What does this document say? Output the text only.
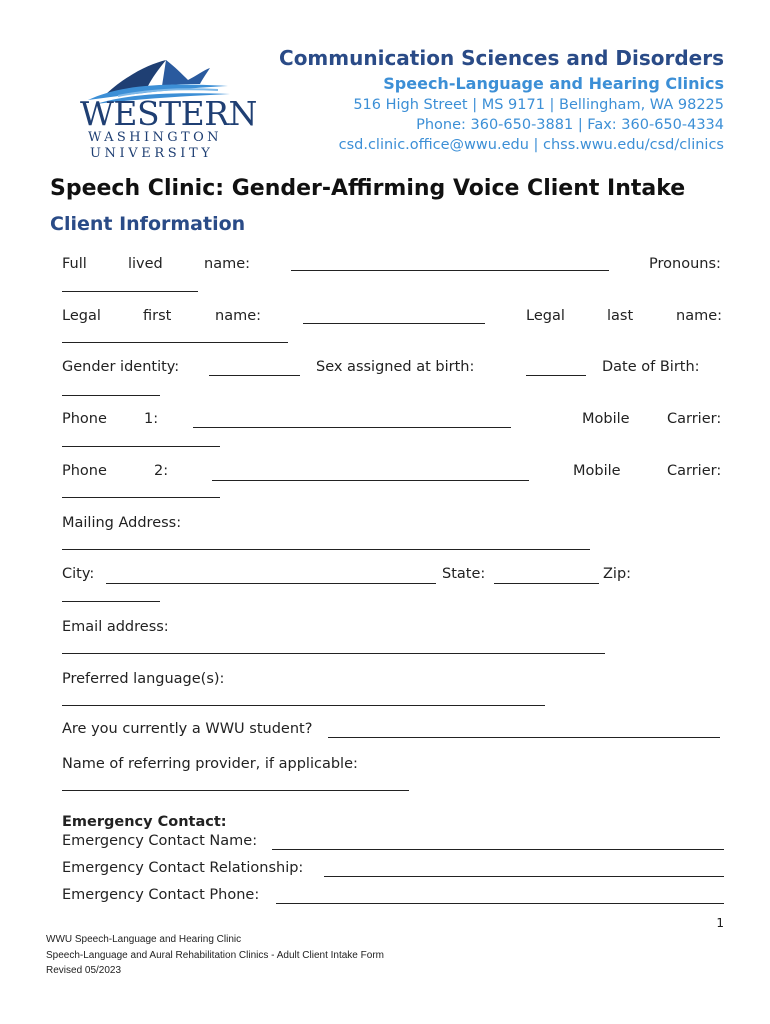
WESTERN
WASHINGTON
UNIVERSITY
Communication Sciences and Disorders
Speech-Language and Hearing Clinics
516 High Street | MS 9171 | Bellingham, WA 98225
Phone: 360-650-3881 | Fax: 360-650-4334
csd.clinic.office@wwu.edu | chss.wwu.edu/csd/clinics
Speech Clinic: Gender-Affirming Voice Client Intake
Client Information
Full	lived	name:	Pronouns:
Legal	first	name:	Legal	last	name:
Gender identity:	Sex assigned at birth:	Date of Birth:
Phone	1:	Mobile	Carrier:
Phone	2:	Mobile	Carrier:
Mailing Address:
City:	State:	Zip:
Email address:
Preferred language(s):
Are you currently a WWU student?
Name of referring provider, if applicable:
Emergency Contact:
Emergency Contact Name:
Emergency Contact Relationship:
Emergency Contact Phone:
1
WWU Speech-Language and Hearing Clinic
Speech-Language and Aural Rehabilitation Clinics - Adult Client Intake Form
Revised 05/2023
